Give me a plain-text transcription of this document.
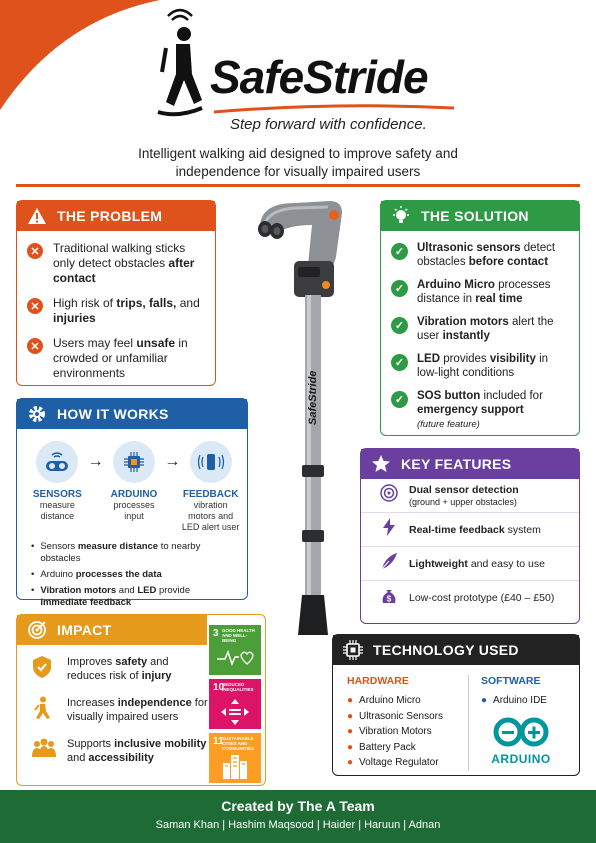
SafeStride
Step forward with confidence.
Intelligent walking aid designed to improve safety and independence for visually impaired users
THE PROBLEM
✕ Traditional walking sticks only detect obstacles after contact
✕ High risk of trips, falls, and injuries
✕ Users may feel unsafe in crowded or unfamiliar environments	SafeStride
THE SOLUTION
✓	Ultrasonic sensors detect obstacles before contact
✓	Arduino Micro processes distance in real time
✓	Vibration motors alert the user instantly
✓	LED provides visibility in low-light conditions
✓	SOS button included for emergency support
(future feature)
HOW IT WORKS
SENSORS
measure distance
→
ARDUINO
processes input
→
FEEDBACK
vibration motors and LED alert user
• Sensors measure distance to nearby obstacles
• Arduino processes the data
• Vibration motors and LED provide
immediate feedback
KEY FEATURES
Dual sensor detection
(ground + upper obstacles)
Real-time feedback system
Lightweight and easy to use
$ Low-cost prototype (£40 – £50)
IMPACT
Improves safety and reduces risk of injury
Increases independence for visually impaired users
Supports inclusive mobility and accessibility
3 GOOD HEALTH AND WELL-BEING
10
REDUCED INEQUALITIES
11
SUSTAINABLE CITIES AND COMMUNITIES
TECHNOLOGY USED
HARDWARE
● Arduino Micro
● Ultrasonic Sensors
● Vibration Motors
● Battery Pack
● Voltage Regulator
SOFTWARE
● Arduino IDE
ARDUINO
Created by The A Team
Saman Khan | Hashim Maqsood | Haider | Haruun | Adnan
